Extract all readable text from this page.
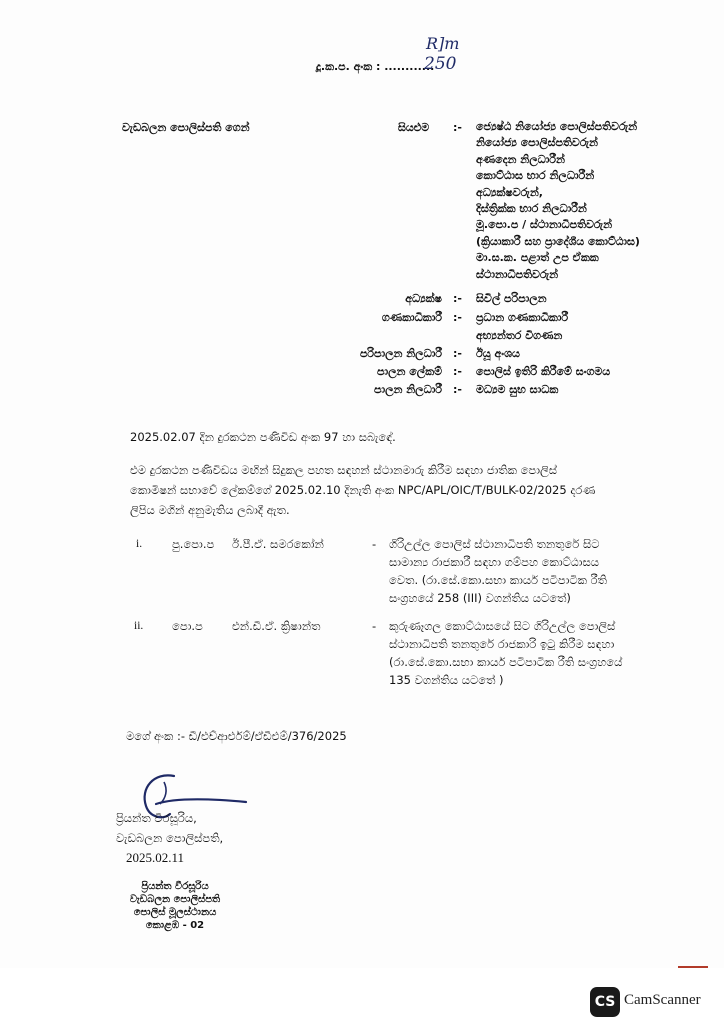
R]m
දූ.ක.ප. අංක : ............
250
වැඩබලන පොලිස්පති ගෙන්	සියළුම :- ජ්‍යෙෂ්ඨ නියෝජ්‍ය පොලිස්පතිවරුන්
නියෝජ්‍ය පොලිස්පතිවරුන්
අණදෙන නිලධාරීන්
කොට්ඨාස භාර නිලධාරීන්
අධ්‍යක්ෂවරුන්,
දිස්ත්‍රික්ක භාර නිලධාරීන්
මූ.පො.ප / ස්ථානාධිපතිවරුන්
(ක්‍රියාකාරී සහ ප්‍රාදේශීය කොට්ඨාස)
මා.ස.ක. පළාත් උප ඒකක
ස්ථානාධිපතිවරුන්
අධ්‍යක්ෂ :- සිවිල් පරිපාලන
ගණකාධිකාරී :- ප්‍රධාන ගණකාධිකාරී
අභ්‍යන්තර විගණන
පරිපාලන නිලධාරී :- ඊයූ අංශය
පාලන ලේකම් :- පොලිස් ඉතිරි කිරීමේ සංගමය
පාලන නිලධාරී :- මධ්‍යම සුභ සාධක
2025.02.07 දින දුරකථන පණිවිඩ අංක 97 හා සබැඳේ.
එම දුරකථන පණිවිඩය මඟින් සිදුකල පහත සඳහන් ස්ථානමාරු කිරීම සඳහා ජාතික පොලිස්
කොමිෂන් සභාවේ ලේකම්ගේ 2025.02.10 දිනැති අංක NPC/APL/OIC/T/BULK-02/2025 දරණ
ලිපිය මගින් අනුමැතිය ලබාදී ඇත.
i.	පු.පො.ප ඊ.පී.ඒ. සමරකෝන්	- ගිරිඋල්ල පොලිස් ස්ථානාධිපති තනතුරේ සිට
සාමාන්‍ය රාජකාරී සඳහා ගම්පහ කොට්ඨාසය
වෙත. (රා.සේ.කො.සභා කාර්ය පටිපාටික රීති
සංග්‍රහයේ 258 (III) වගන්තිය යටතේ)
ii. පො.ප	එන්.ඩී.ඒ. ක්‍රිෂාන්ත	- කුරුණෑගල කොට්ඨාසයේ සිට ගිරිඋල්ල පොලිස්
ස්ථානාධිපති තනතුරේ රාජකාරි ඉටු කිරීම සඳහා
(රා.සේ.කො.සභා කාර්ය පටිපාටික රීති සංග්‍රහයේ
135 වගන්තිය යටතේ )
මගේ අංක :- ඩී/එච්ආර්එම්/ඒඩීඑම්/376/2025
ප්‍රියන්ත වීරසූරිය,
වැඩබලන පොලිස්පති,
2025.02.11
ප්‍රියන්ත වීරසූරිය
වැඩබලන පොලිස්පති
පොලිස් මූලස්ථානය
කොළඹ - 02
CS CamScanner
